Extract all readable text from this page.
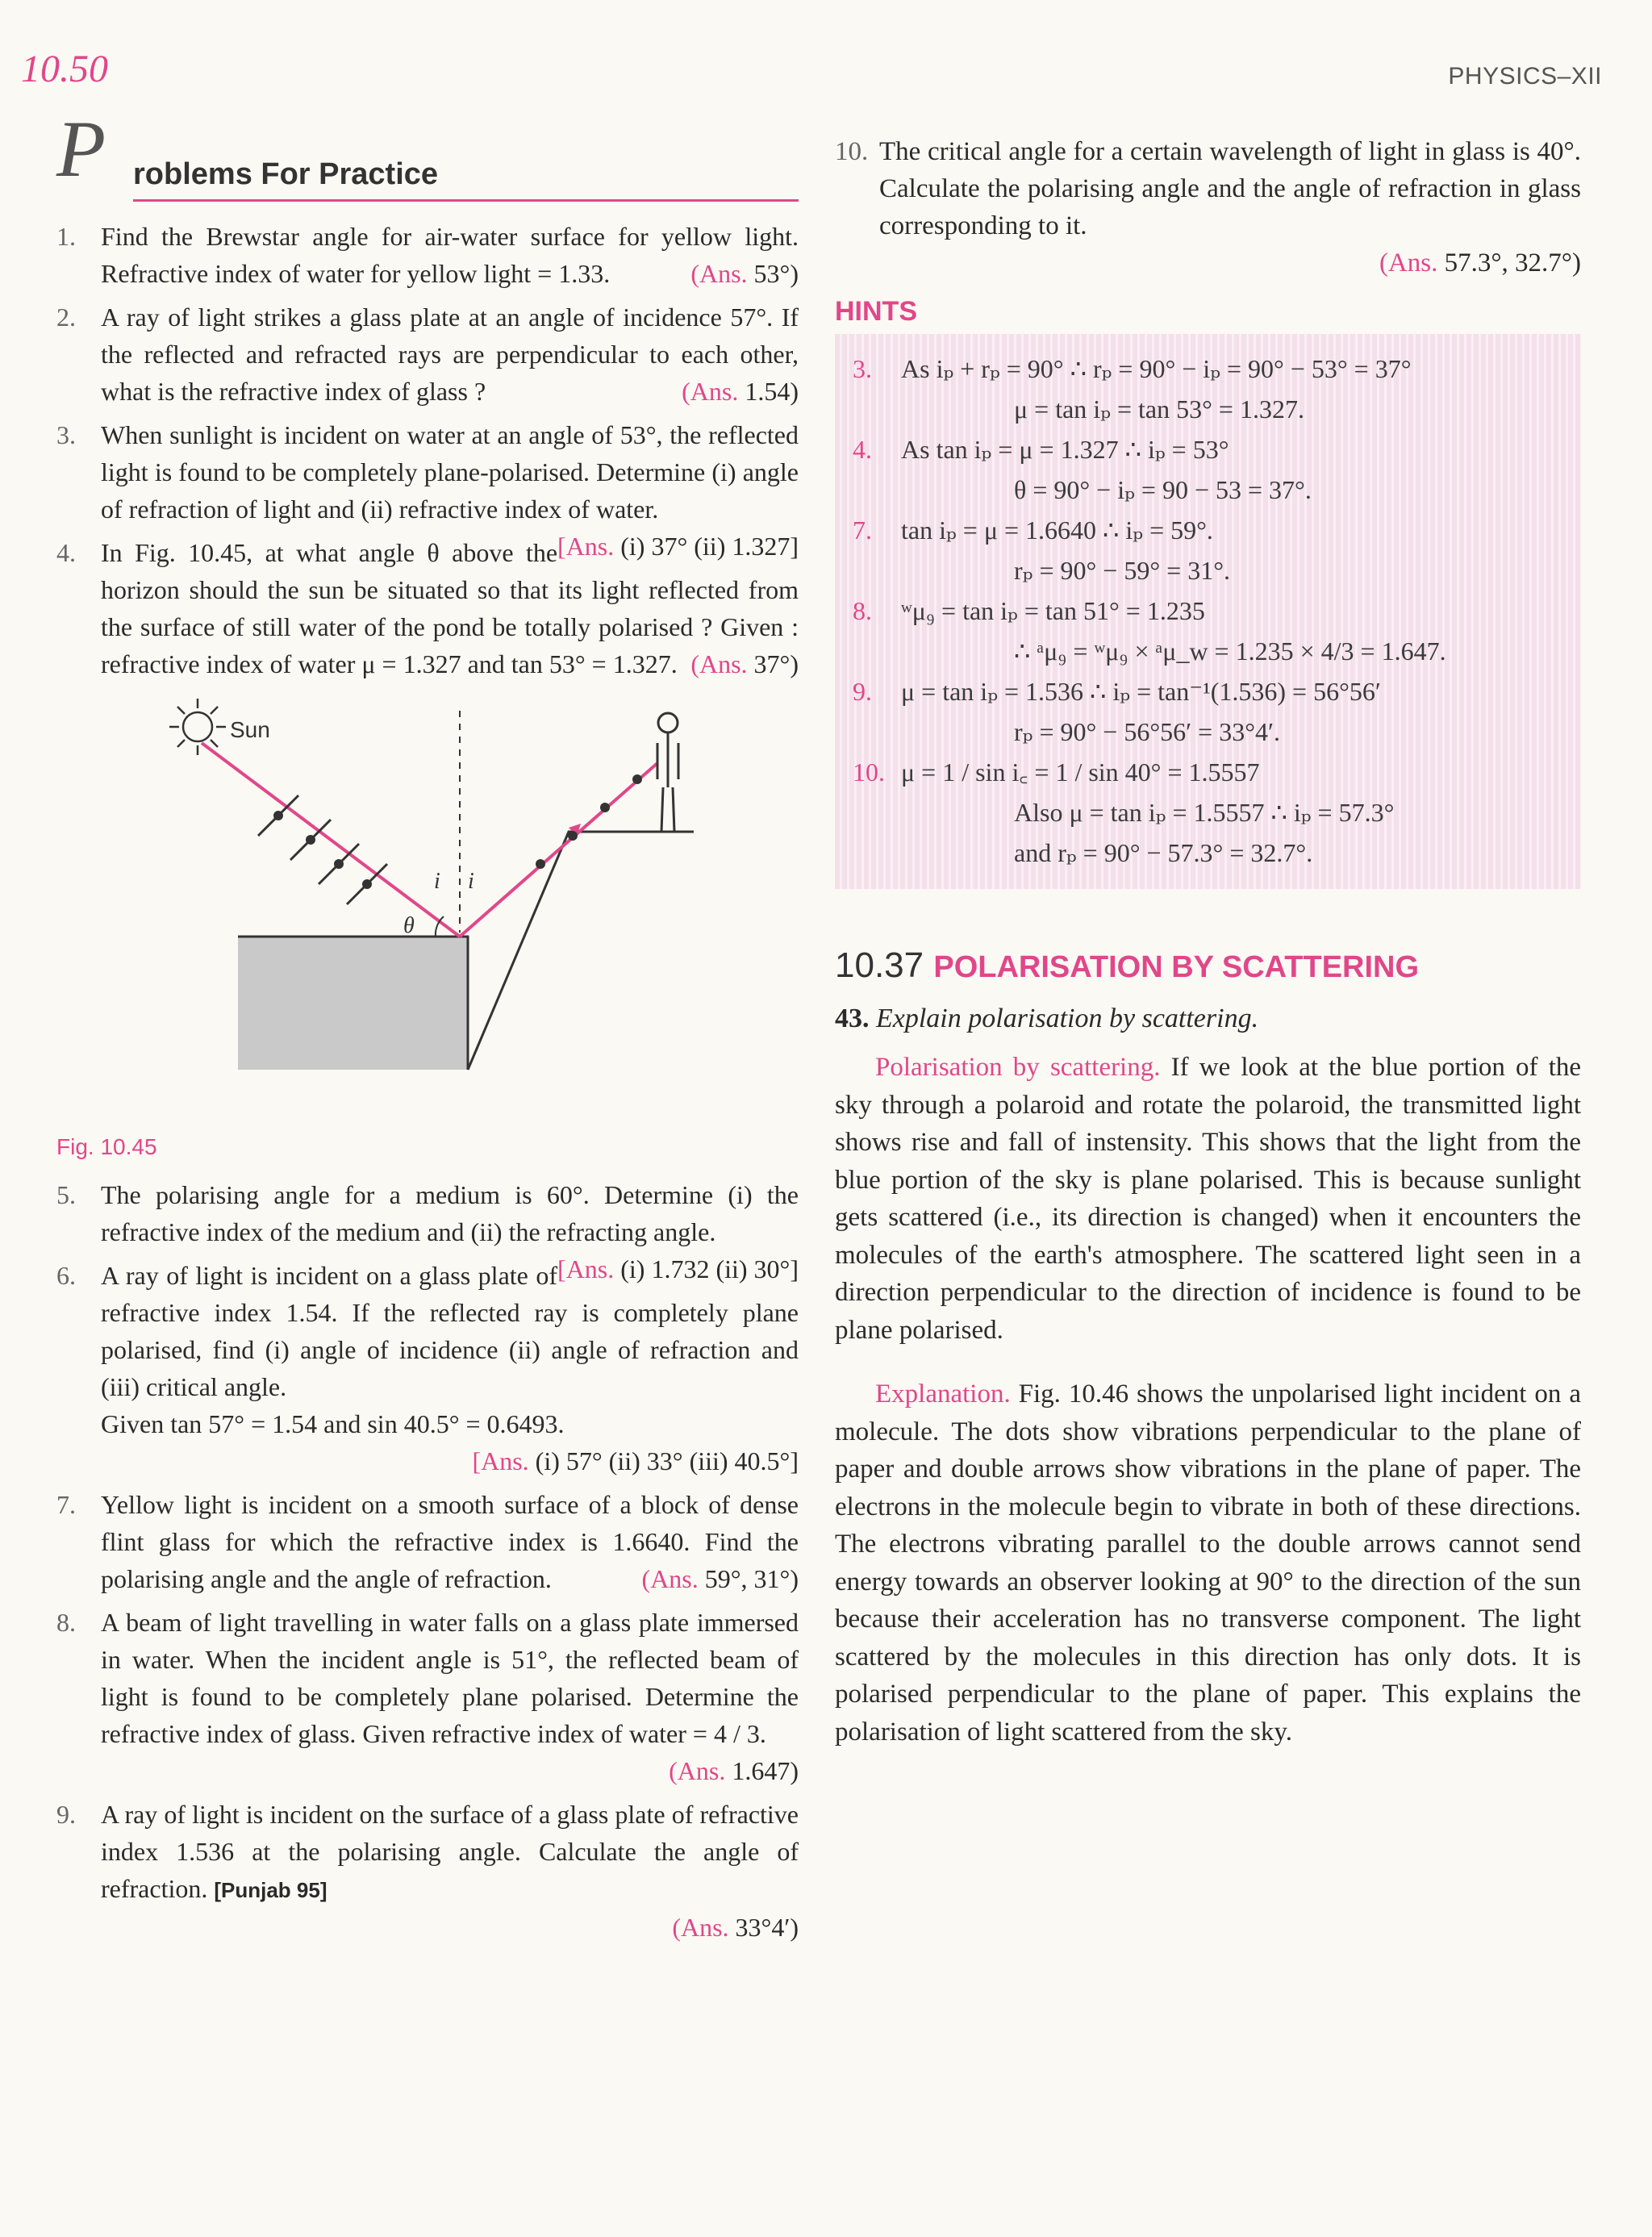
10.50	PHYSICS–XII
P roblems For Practice
1. Find the Brewstar angle for air-water surface for yellow light. Refractive index of water for yellow light = 1.33.	(Ans. 53°)
2. A ray of light strikes a glass plate at an angle of incidence 57°. If the reflected and refracted rays are perpendicular to each other, what is the refractive index of glass ?	(Ans. 1.54)
3. When sunlight is incident on water at an angle of 53°, the reflected light is found to be completely plane-polarised. Determine (i) angle of refraction of light and (ii) refractive index of water.
[Ans. (i) 37° (ii) 1.327]
4. In Fig. 10.45, at what angle θ above the horizon should the sun be situated so that its light reflected from the surface of still water of the pond be totally polarised ? Given : refractive index of water μ = 1.327 and tan 53° = 1.327. (Ans. 37°)
Sun
i i
θ
Fig. 10.45
5. The polarising angle for a medium is 60°. Determine (i) the refractive index of the medium and (ii) the refracting angle.
[Ans. (i) 1.732 (ii) 30°]
6. A ray of light is incident on a glass plate of refractive index 1.54. If the reflected ray is completely plane polarised, find (i) angle of incidence (ii) angle of refraction and (iii) critical angle.
Given tan 57° = 1.54 and sin 40.5° = 0.6493.
[Ans. (i) 57° (ii) 33° (iii) 40.5°]
7. Yellow light is incident on a smooth surface of a block of dense flint glass for which the refractive index is 1.6640. Find the polarising angle and the angle of refraction.	(Ans. 59°, 31°)
8. A beam of light travelling in water falls on a glass plate immersed in water. When the incident angle is 51°, the reflected beam of light is found to be completely plane polarised. Determine the refractive index of glass. Given refractive index of water = 4 / 3.
(Ans. 1.647)
9. A ray of light is incident on the surface of a glass plate of refractive index 1.536 at the polarising angle. Calculate the angle of refraction. [Punjab 95]
(Ans. 33°4′)
10. The critical angle for a certain wavelength of light in glass is 40°. Calculate the polarising angle and the angle of refraction in glass corresponding to it.
(Ans. 57.3°, 32.7°)
HINTS
3. As iₚ + rₚ = 90° ∴ rₚ = 90° − iₚ = 90° − 53° = 37°
μ = tan iₚ = tan 53° = 1.327.
4. As tan iₚ = μ = 1.327 ∴ iₚ = 53°
θ = 90° − iₚ = 90 − 53 = 37°.
7. tan iₚ = μ = 1.6640 ∴ iₚ = 59°.
rₚ = 90° − 59° = 31°.
8. ʷμ₉ = tan iₚ = tan 51° = 1.235
∴ ᵃμ₉ = ʷμ₉ × ᵃμ_w = 1.235 × 4/3 = 1.647.
9. μ = tan iₚ = 1.536 ∴ iₚ = tan⁻¹(1.536) = 56°56′
rₚ = 90° − 56°56′ = 33°4′.
10. μ = 1 / sin i꜀ = 1 / sin 40° = 1.5557
Also μ = tan iₚ = 1.5557 ∴ iₚ = 57.3°
and rₚ = 90° − 57.3° = 32.7°.
10.37 POLARISATION BY SCATTERING
43. Explain polarisation by scattering.

Polarisation by scattering. If we look at the blue portion of the sky through a polaroid and rotate the polaroid, the transmitted light shows rise and fall of instensity. This shows that the light from the blue portion of the sky is plane polarised. This is because sunlight gets scattered (i.e., its direction is changed) when it encounters the molecules of the earth's atmosphere. The scattered light seen in a direction perpendicular to the direction of incidence is found to be plane polarised.

Explanation. Fig. 10.46 shows the unpolarised light incident on a molecule. The dots show vibrations perpendicular to the plane of paper and double arrows show vibrations in the plane of paper. The electrons in the molecule begin to vibrate in both of these directions. The electrons vibrating parallel to the double arrows cannot send energy towards an observer looking at 90° to the direction of the sun because their acceleration has no transverse component. The light scattered by the molecules in this direction has only dots. It is polarised perpendicular to the plane of paper. This explains the polarisation of light scattered from the sky.
